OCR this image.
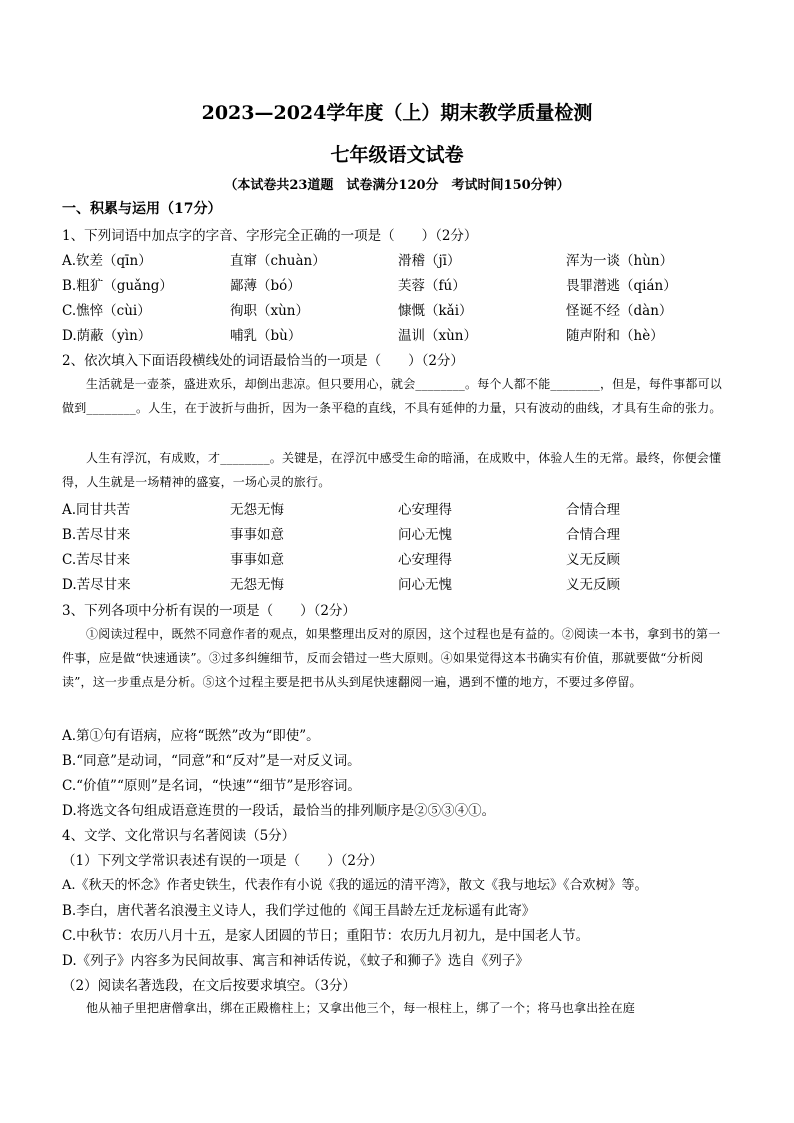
2023—2024学年度（上）期末教学质量检测
七年级语文试卷
（本试卷共23道题　试卷满分120分　考试时间150分钟）
一、积累与运用（17分）
1、下列词语中加点字的字音、字形完全正确的一项是（　　）（2分）
A.钦差（qīn）	直窜（chuàn）	滑稽（jī）	浑为一谈（hùn）
B.粗犷（guǎng）	鄙薄（bó）	芙蓉（fú）	畏罪潜逃（qián）
C.憔悴（cùi）	徇职（xùn）	慷慨（kǎi）	怪诞不经（dàn）
D.荫蔽（yìn）	哺乳（bù）	温训（xùn）	随声附和（hè）
2、依次填入下面语段横线处的词语最恰当的一项是（　　）（2分）
生活就是一壶茶，盛进欢乐，却倒出悲凉。但只要用心，就会________。每个人都不能________，但是，每件事都可以做到________。人生，在于波折与曲折，因为一条平稳的直线，不具有延伸的力量，只有波动的曲线，才具有生命的张力。
人生有浮沉，有成败，才________。关键是，在浮沉中感受生命的暗涌，在成败中，体验人生的无常。最终，你便会懂得，人生就是一场精神的盛宴，一场心灵的旅行。
A.同甘共苦	无怨无悔	心安理得	合情合理
B.苦尽甘来	事事如意	问心无愧	合情合理
C.苦尽甘来	事事如意	心安理得	义无反顾
D.苦尽甘来	无怨无悔	问心无愧	义无反顾
3、下列各项中分析有误的一项是（　　）（2分）
①阅读过程中，既然不同意作者的观点，如果整理出反对的原因，这个过程也是有益的。②阅读一本书，拿到书的第一件事，应是做“快速通读”。③过多纠缠细节，反而会错过一些大原则。④如果觉得这本书确实有价值，那就要做“分析阅读”，这一步重点是分析。⑤这个过程主要是把书从头到尾快速翻阅一遍，遇到不懂的地方，不要过多停留。
A.第①句有语病，应将“既然”改为“即使”。
B.“同意”是动词，“同意”和“反对”是一对反义词。
C.“价值”“原则”是名词，“快速”“细节”是形容词。
D.将选文各句组成语意连贯的一段话，最恰当的排列顺序是②⑤③④①。
4、文学、文化常识与名著阅读（5分）
（1）下列文学常识表述有误的一项是（　　）（2分）
A.《秋天的怀念》作者史铁生，代表作有小说《我的遥远的清平湾》，散文《我与地坛》《合欢树》等。
B.李白，唐代著名浪漫主义诗人，我们学过他的《闻王昌龄左迁龙标遥有此寄》
C.中秋节：农历八月十五，是家人团圆的节日；重阳节：农历九月初九，是中国老人节。
D.《列子》内容多为民间故事、寓言和神话传说，《蚊子和狮子》选自《列子》
（2）阅读名著选段，在文后按要求填空。（3分）
他从袖子里把唐僧拿出，绑在正殿檐柱上；又拿出他三个，每一根柱上，绑了一个；将马也拿出拴在庭
